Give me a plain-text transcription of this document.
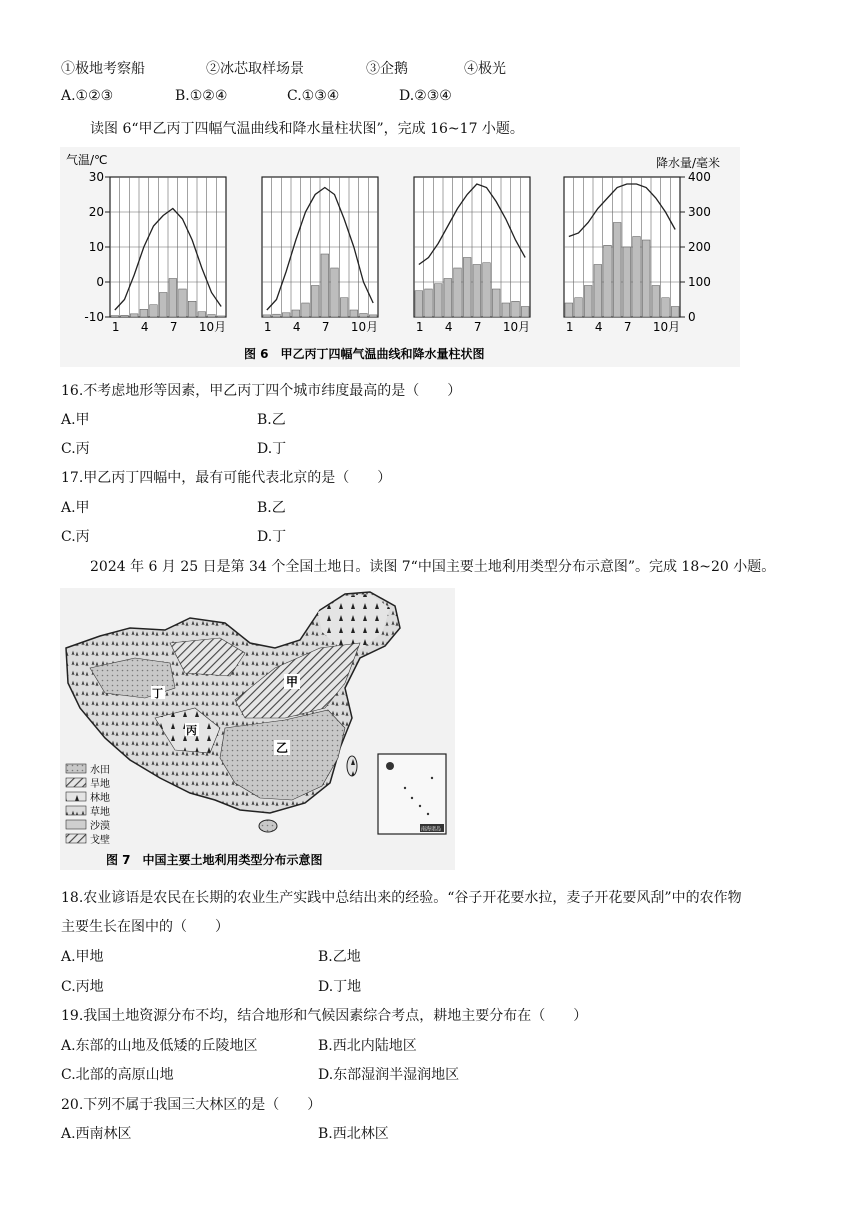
①极地考察船	②冰芯取样场景	③企鹅	④极光
A.①②③	B.①②④	C.①③④	D.②③④
读图 6“甲乙丙丁四幅气温曲线和降水量柱状图”，完成 16~17 小题。
气温/℃	降水量/毫米
30
20
10
0
-10
400
300
200
100
0
1 4 7 10月	1 4 7 10月	1 4 7 10月	1 4 7 10月
图 6　甲乙丙丁四幅气温曲线和降水量柱状图
16.不考虑地形等因素，甲乙丙丁四个城市纬度最高的是（　　）
A.甲	B.乙
C.丙	D.丁
17.甲乙丙丁四幅中，最有可能代表北京的是（　　）
A.甲	B.乙
C.丙	D.丁
2024 年 6 月 25 日是第 34 个全国土地日。读图 7“中国主要土地利用类型分布示意图”。完成 18~20 小题。
甲
乙
丙
丁
水田
旱地
林地
草地
沙漠
戈壁
南海诸岛
图 7　中国主要土地利用类型分布示意图
18.农业谚语是农民在长期的农业生产实践中总结出来的经验。“谷子开花要水拉，麦子开花要风刮”中的农作物
主要生长在图中的（　　）
A.甲地	B.乙地
C.丙地	D.丁地
19.我国土地资源分布不均，结合地形和气候因素综合考点，耕地主要分布在（　　）
A.东部的山地及低矮的丘陵地区	B.西北内陆地区
C.北部的高原山地	D.东部湿润半湿润地区
20.下列不属于我国三大林区的是（　　）
A.西南林区	B.西北林区
